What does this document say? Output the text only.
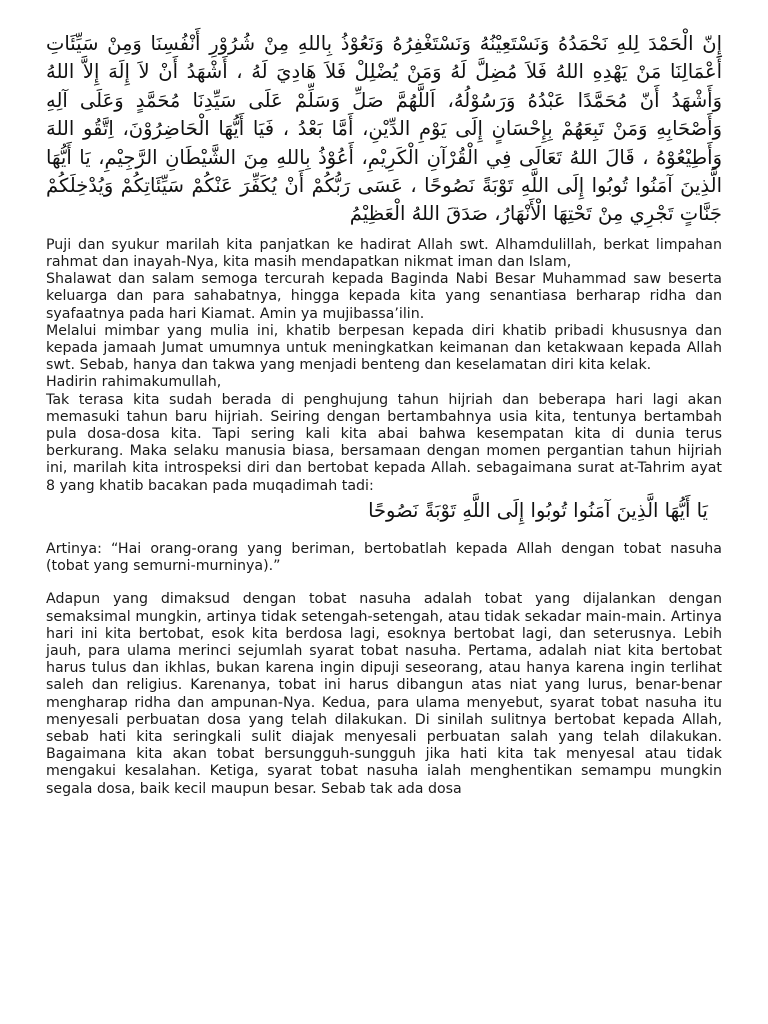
إِنّ الْحَمْدَ لِلهِ نَحْمَدُهُ وَنَسْتَعِيْنُهُ وَنَسْتَغْفِرُهُ وَنَعُوْذُ بِاللهِ مِنْ شُرُوْرِ أَنْفُسِنَا وَمِنْ سَيِّئَاتِ أَعْمَالِنَا مَنْ يَهْدِهِ اللهُ فَلاَ مُضِلَّ لَهُ وَمَنْ يُضْلِلْ فَلاَ هَادِيَ لَهُ ، أَشْهَدُ أَنْ لاَ إِلَهَ إِلاَّ اللهُ وَأَشْهَدُ أَنّ مُحَمَّدًا عَبْدُهُ وَرَسُوْلُهُ، اَللَّهُمَّ صَلِّ وَسَلِّمْ عَلَى سَيِّدِنَا مُحَمَّدٍ وَعَلَى آلِهِ وَأَصْحَابِهِ وَمَنْ تَبِعَهُمْ بِإِحْسَانٍ إِلَى يَوْمِ الدِّيْنِ، أَمَّا بَعْدُ ، فَيَا أَيُّهَا الْحَاضِرُوْنَ، اِتَّقُو اللهَ وَأَطِيْعُوْهُ ، قَالَ اللهُ تَعَالَى فِي الْقُرْآنِ الْكَرِيْمِ، أَعُوْذُ بِاللهِ مِنَ الشَّيْطَانِ الرَّجِيْمِ، يَا أَيُّهَا الَّذِينَ آمَنُوا تُوبُوا إِلَى اللَّهِ تَوْبَةً نَصُوحًا ، عَسَى رَبُّكُمْ أَنْ يُكَفِّرَ عَنْكُمْ سَيِّئَاتِكُمْ وَيُدْخِلَكُمْ جَنَّاتٍ تَجْرِي مِنْ تَحْتِهَا الْأَنْهَارُ، صَدَقَ اللهُ الْعَظِيْمُ

Puji dan syukur marilah kita panjatkan ke hadirat Allah swt. Alhamdulillah, berkat limpahan rahmat dan inayah-Nya, kita masih mendapatkan nikmat iman dan Islam,

Shalawat dan salam semoga tercurah kepada Baginda Nabi Besar Muhammad saw beserta keluarga dan para sahabatnya, hingga kepada kita yang senantiasa berharap ridha dan syafaatnya pada hari Kiamat. Amin ya mujibassa’ilin.

Melalui mimbar yang mulia ini, khatib berpesan kepada diri khatib pribadi khususnya dan kepada jamaah Jumat umumnya untuk meningkatkan keimanan dan ketakwaan kepada Allah swt. Sebab, hanya dan takwa yang menjadi benteng dan keselamatan diri kita kelak.

Hadirin rahimakumullah,

Tak terasa kita sudah berada di penghujung tahun hijriah dan beberapa hari lagi akan memasuki tahun baru hijriah. Seiring dengan bertambahnya usia kita, tentunya bertambah pula dosa-dosa kita. Tapi sering kali kita abai bahwa kesempatan kita di dunia terus berkurang. Maka selaku manusia biasa, bersamaan dengan momen pergantian tahun hijriah ini, marilah kita introspeksi diri dan bertobat kepada Allah. sebagaimana surat at-Tahrim ayat 8 yang khatib bacakan pada muqadimah tadi:

يَا أَيُّهَا الَّذِينَ آمَنُوا تُوبُوا إِلَى اللَّهِ تَوْبَةً نَصُوحًا

Artinya: “Hai orang-orang yang beriman, bertobatlah kepada Allah dengan tobat nasuha (tobat yang semurni-murninya).”

Adapun yang dimaksud dengan tobat nasuha adalah tobat yang dijalankan dengan semaksimal mungkin, artinya tidak setengah-setengah, atau tidak sekadar main-main. Artinya hari ini kita bertobat, esok kita berdosa lagi, esoknya bertobat lagi, dan seterusnya. Lebih jauh, para ulama merinci sejumlah syarat tobat nasuha. Pertama, adalah niat kita bertobat harus tulus dan ikhlas, bukan karena ingin dipuji seseorang, atau hanya karena ingin terlihat saleh dan religius. Karenanya, tobat ini harus dibangun atas niat yang lurus, benar-benar mengharap ridha dan ampunan-Nya. Kedua, para ulama menyebut, syarat tobat nasuha itu menyesali perbuatan dosa yang telah dilakukan. Di sinilah sulitnya bertobat kepada Allah, sebab hati kita seringkali sulit diajak menyesali perbuatan salah yang telah dilakukan. Bagaimana kita akan tobat bersungguh-sungguh jika hati kita tak menyesal atau tidak mengakui kesalahan. Ketiga, syarat tobat nasuha ialah menghentikan semampu mungkin segala dosa, baik kecil maupun besar. Sebab tak ada dosa
